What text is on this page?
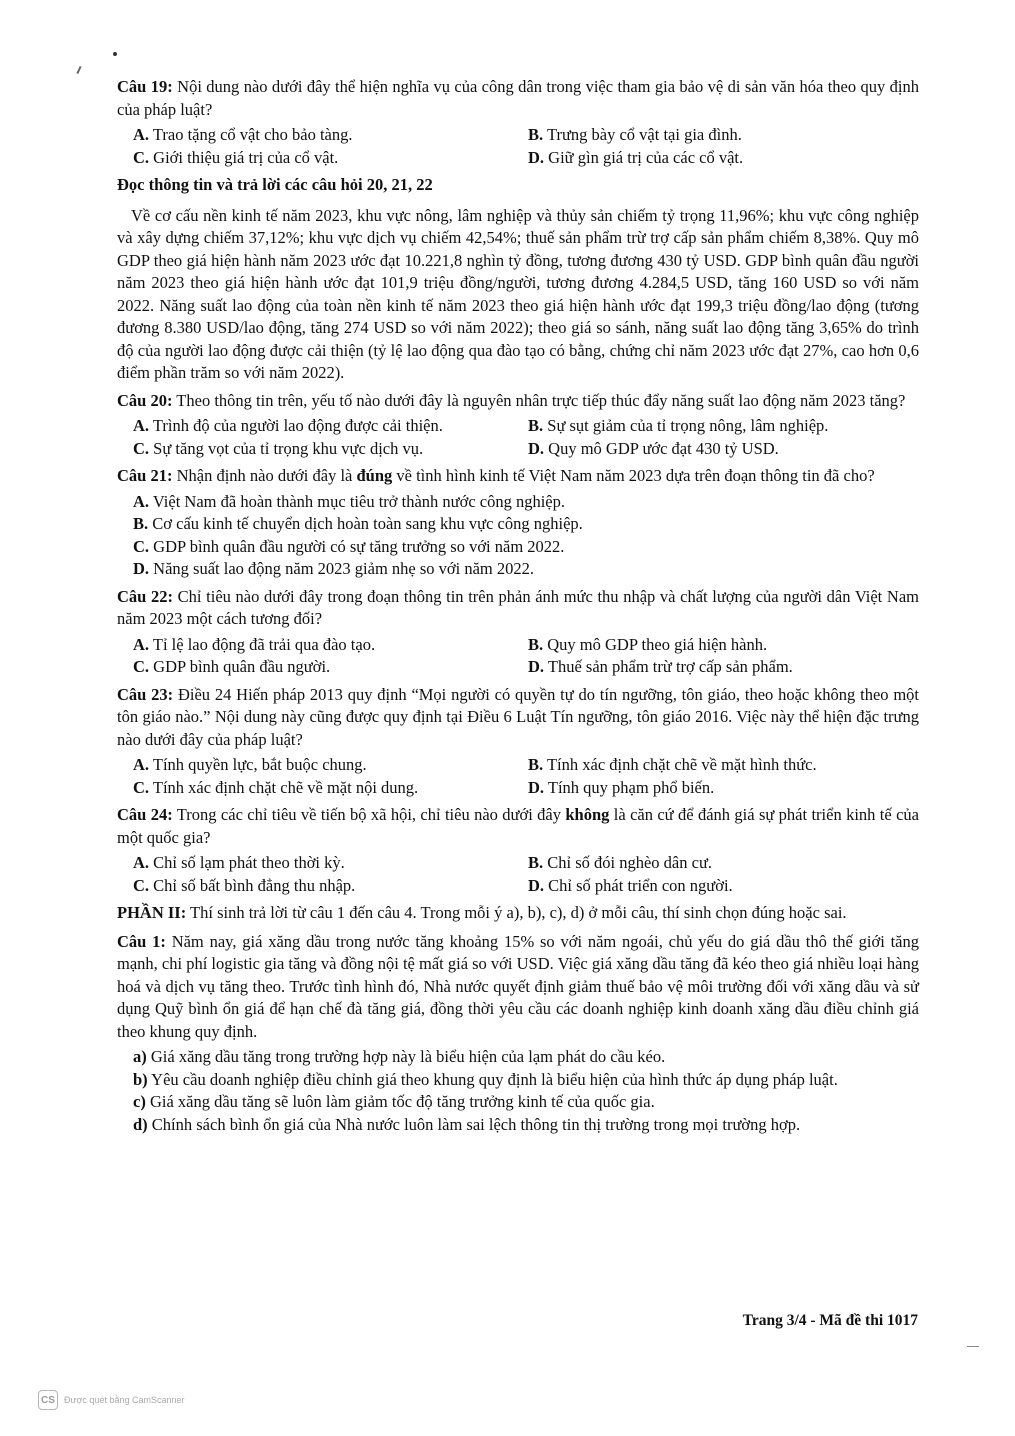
Câu 19: Nội dung nào dưới đây thể hiện nghĩa vụ của công dân trong việc tham gia bảo vệ di sản văn hóa theo quy định của pháp luật?

A. Trao tặng cổ vật cho bảo tàng.	B. Trưng bày cổ vật tại gia đình.
C. Giới thiệu giá trị của cổ vật.	D. Giữ gìn giá trị của các cổ vật.
Đọc thông tin và trả lời các câu hỏi 20, 21, 22

Về cơ cấu nền kinh tế năm 2023, khu vực nông, lâm nghiệp và thủy sản chiếm tỷ trọng 11,96%; khu vực công nghiệp và xây dựng chiếm 37,12%; khu vực dịch vụ chiếm 42,54%; thuế sản phẩm trừ trợ cấp sản phẩm chiếm 8,38%. Quy mô GDP theo giá hiện hành năm 2023 ước đạt 10.221,8 nghìn tỷ đồng, tương đương 430 tỷ USD. GDP bình quân đầu người năm 2023 theo giá hiện hành ước đạt 101,9 triệu đồng/người, tương đương 4.284,5 USD, tăng 160 USD so với năm 2022. Năng suất lao động của toàn nền kinh tế năm 2023 theo giá hiện hành ước đạt 199,3 triệu đồng/lao động (tương đương 8.380 USD/lao động, tăng 274 USD so với năm 2022); theo giá so sánh, năng suất lao động tăng 3,65% do trình độ của người lao động được cải thiện (tỷ lệ lao động qua đào tạo có bằng, chứng chỉ năm 2023 ước đạt 27%, cao hơn 0,6 điểm phần trăm so với năm 2022).

Câu 20: Theo thông tin trên, yếu tố nào dưới đây là nguyên nhân trực tiếp thúc đẩy năng suất lao động năm 2023 tăng?

A. Trình độ của người lao động được cải thiện.	B. Sự sụt giảm của tỉ trọng nông, lâm nghiệp.
C. Sự tăng vọt của tỉ trọng khu vực dịch vụ.	D. Quy mô GDP ước đạt 430 tỷ USD.

Câu 21: Nhận định nào dưới đây là đúng về tình hình kinh tế Việt Nam năm 2023 dựa trên đoạn thông tin đã cho?

A. Việt Nam đã hoàn thành mục tiêu trở thành nước công nghiệp.
B. Cơ cấu kinh tế chuyển dịch hoàn toàn sang khu vực công nghiệp.
C. GDP bình quân đầu người có sự tăng trưởng so với năm 2022.
D. Năng suất lao động năm 2023 giảm nhẹ so với năm 2022.

Câu 22: Chỉ tiêu nào dưới đây trong đoạn thông tin trên phản ánh mức thu nhập và chất lượng của người dân Việt Nam năm 2023 một cách tương đối?

A. Tỉ lệ lao động đã trải qua đào tạo.	B. Quy mô GDP theo giá hiện hành.
C. GDP bình quân đầu người.	D. Thuế sản phẩm trừ trợ cấp sản phẩm.

Câu 23: Điều 24 Hiến pháp 2013 quy định “Mọi người có quyền tự do tín ngưỡng, tôn giáo, theo hoặc không theo một tôn giáo nào.” Nội dung này cũng được quy định tại Điều 6 Luật Tín ngưỡng, tôn giáo 2016. Việc này thể hiện đặc trưng nào dưới đây của pháp luật?

A. Tính quyền lực, bắt buộc chung.	B. Tính xác định chặt chẽ về mặt hình thức.
C. Tính xác định chặt chẽ về mặt nội dung.	D. Tính quy phạm phổ biến.

Câu 24: Trong các chỉ tiêu về tiến bộ xã hội, chỉ tiêu nào dưới đây không là căn cứ để đánh giá sự phát triển kinh tế của một quốc gia?

A. Chỉ số lạm phát theo thời kỳ.	B. Chỉ số đói nghèo dân cư.
C. Chỉ số bất bình đẳng thu nhập.	D. Chỉ số phát triển con người.

PHẦN II: Thí sinh trả lời từ câu 1 đến câu 4. Trong mỗi ý a), b), c), d) ở mỗi câu, thí sinh chọn đúng hoặc sai.

Câu 1: Năm nay, giá xăng dầu trong nước tăng khoảng 15% so với năm ngoái, chủ yếu do giá dầu thô thế giới tăng mạnh, chi phí logistic gia tăng và đồng nội tệ mất giá so với USD. Việc giá xăng dầu tăng đã kéo theo giá nhiều loại hàng hoá và dịch vụ tăng theo. Trước tình hình đó, Nhà nước quyết định giảm thuế bảo vệ môi trường đối với xăng dầu và sử dụng Quỹ bình ổn giá để hạn chế đà tăng giá, đồng thời yêu cầu các doanh nghiệp kinh doanh xăng dầu điều chỉnh giá theo khung quy định.

a) Giá xăng dầu tăng trong trường hợp này là biểu hiện của lạm phát do cầu kéo.
b) Yêu cầu doanh nghiệp điều chỉnh giá theo khung quy định là biểu hiện của hình thức áp dụng pháp luật.
c) Giá xăng dầu tăng sẽ luôn làm giảm tốc độ tăng trưởng kinh tế của quốc gia.
d) Chính sách bình ổn giá của Nhà nước luôn làm sai lệch thông tin thị trường trong mọi trường hợp.
Trang 3/4 - Mã đề thi 1017
CS	Được quét bằng CamScanner
